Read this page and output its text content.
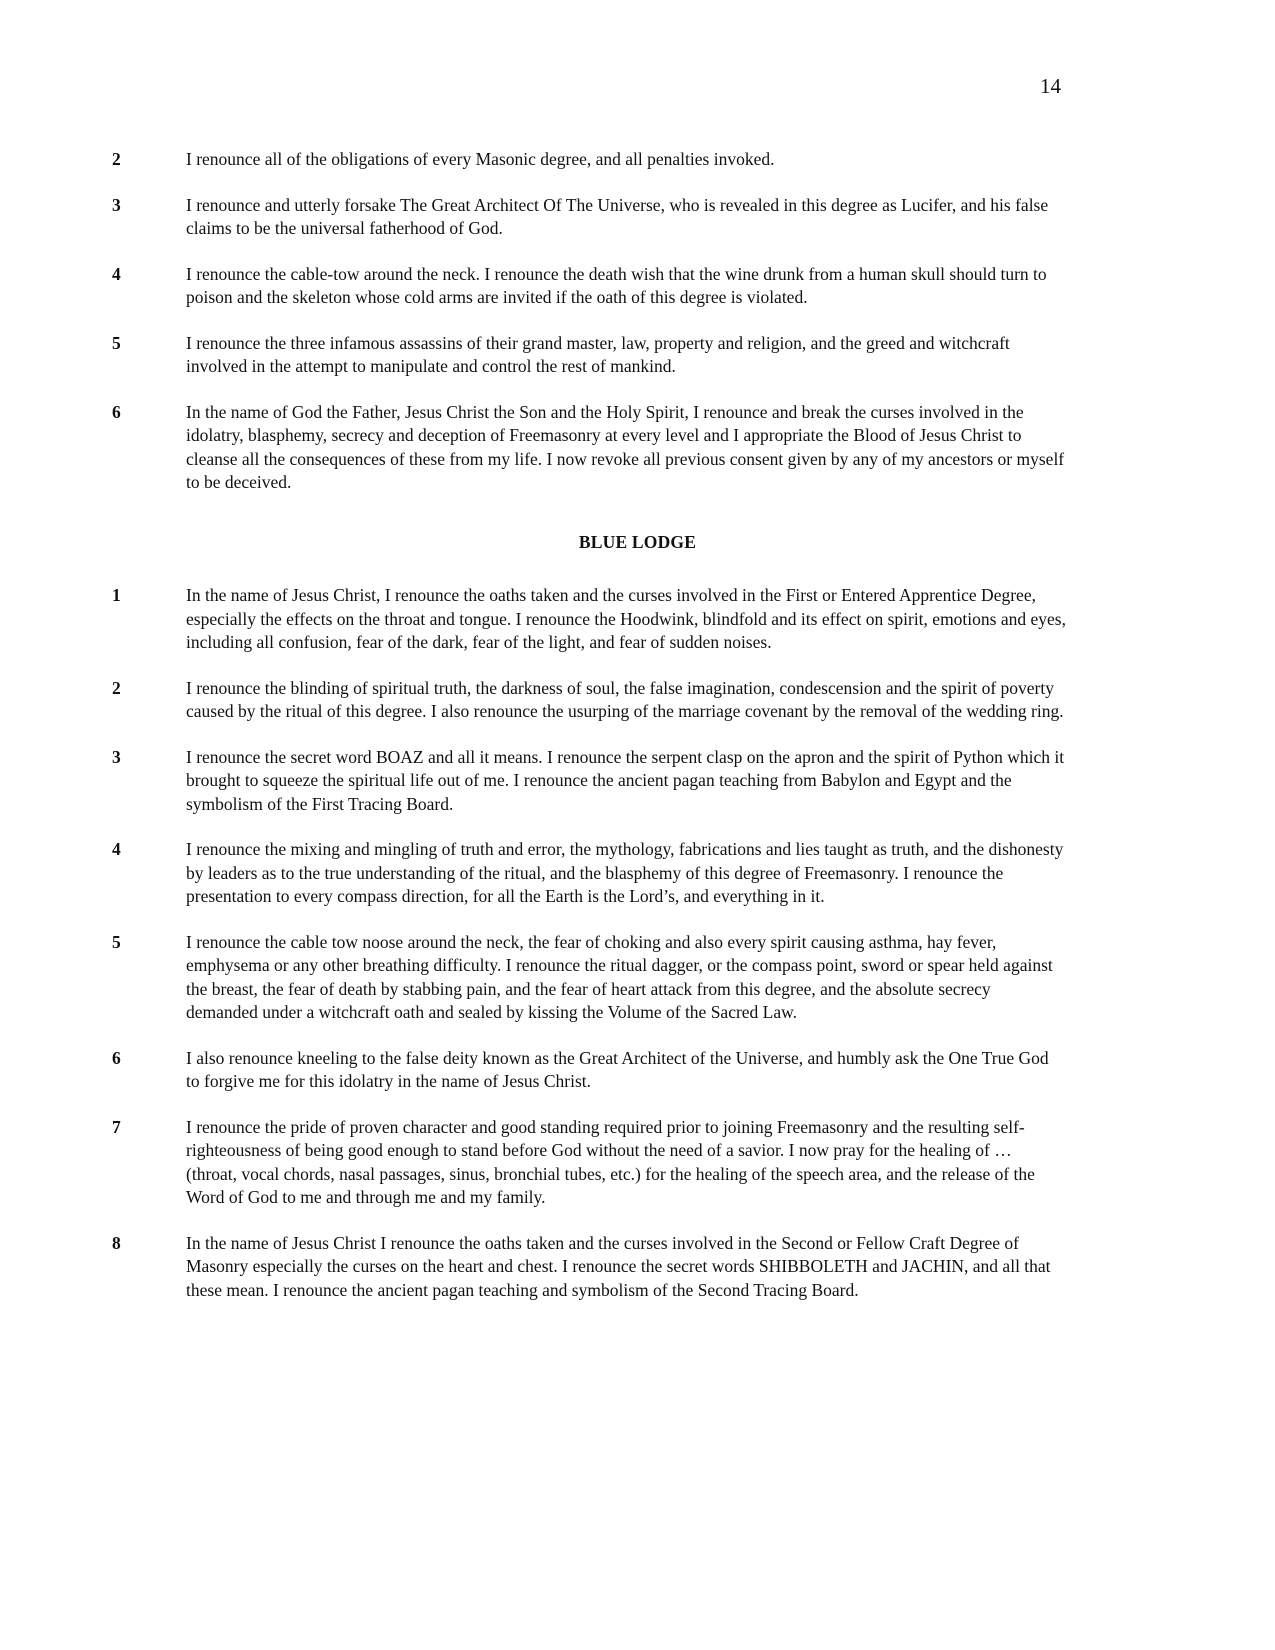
14
2	I renounce all of the obligations of every Masonic degree, and all penalties invoked.
3	I renounce and utterly forsake The Great Architect Of The Universe, who is revealed in this degree as Lucifer, and his false claims to be the universal fatherhood of God.
4	I renounce the cable-tow around the neck. I renounce the death wish that the wine drunk from a human skull should turn to poison and the skeleton whose cold arms are invited if the oath of this degree is violated.
5	I renounce the three infamous assassins of their grand master, law, property and religion, and the greed and witchcraft involved in the attempt to manipulate and control the rest of mankind.
6	In the name of God the Father, Jesus Christ the Son and the Holy Spirit, I renounce and break the curses involved in the idolatry, blasphemy, secrecy and deception of Freemasonry at every level and I appropriate the Blood of Jesus Christ to cleanse all the consequences of these from my life. I now revoke all previous consent given by any of my ancestors or myself to be deceived.
BLUE LODGE
1	In the name of Jesus Christ, I renounce the oaths taken and the curses involved in the First or Entered Apprentice Degree, especially the effects on the throat and tongue. I renounce the Hoodwink, blindfold and its effect on spirit, emotions and eyes, including all confusion, fear of the dark, fear of the light, and fear of sudden noises.
2	I renounce the blinding of spiritual truth, the darkness of soul, the false imagination, condescension and the spirit of poverty caused by the ritual of this degree. I also renounce the usurping of the marriage covenant by the removal of the wedding ring.
3	I renounce the secret word BOAZ and all it means. I renounce the serpent clasp on the apron and the spirit of Python which it brought to squeeze the spiritual life out of me. I renounce the ancient pagan teaching from Babylon and Egypt and the symbolism of the First Tracing Board.
4	I renounce the mixing and mingling of truth and error, the mythology, fabrications and lies taught as truth, and the dishonesty by leaders as to the true understanding of the ritual, and the blasphemy of this degree of Freemasonry. I renounce the presentation to every compass direction, for all the Earth is the Lord’s, and everything in it.
5	I renounce the cable tow noose around the neck, the fear of choking and also every spirit causing asthma, hay fever, emphysema or any other breathing difficulty. I renounce the ritual dagger, or the compass point, sword or spear held against the breast, the fear of death by stabbing pain, and the fear of heart attack from this degree, and the absolute secrecy demanded under a witchcraft oath and sealed by kissing the Volume of the Sacred Law.
6	I also renounce kneeling to the false deity known as the Great Architect of the Universe, and humbly ask the One True God to forgive me for this idolatry in the name of Jesus Christ.
7	I renounce the pride of proven character and good standing required prior to joining Freemasonry and the resulting self-righteousness of being good enough to stand before God without the need of a savior. I now pray for the healing of … (throat, vocal chords, nasal passages, sinus, bronchial tubes, etc.) for the healing of the speech area, and the release of the Word of God to me and through me and my family.
8	In the name of Jesus Christ I renounce the oaths taken and the curses involved in the Second or Fellow Craft Degree of Masonry especially the curses on the heart and chest. I renounce the secret words SHIBBOLETH and JACHIN, and all that these mean. I renounce the ancient pagan teaching and symbolism of the Second Tracing Board.
